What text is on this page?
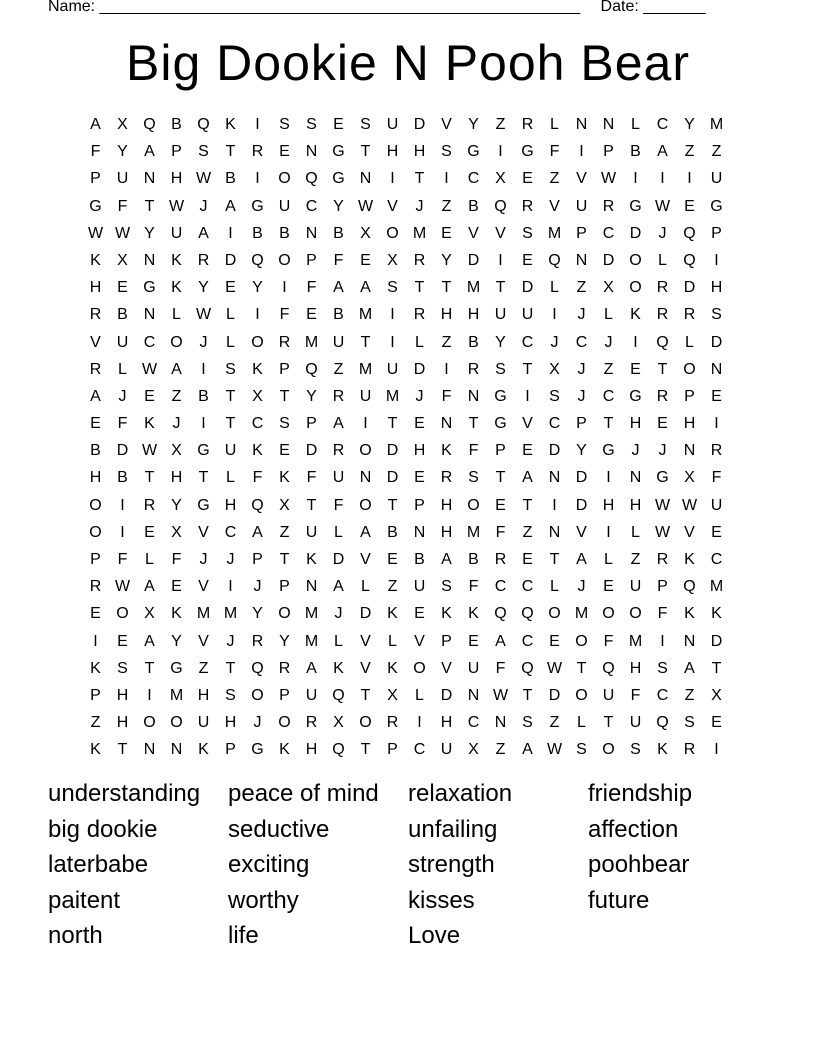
Name: ______________________________________________________ Date: _______
Big Dookie N Pooh Bear
A	X Q B Q K	I	S	S	E	S U D V	Y	Z	R	L	N N	L	C Y M
F	Y	A	P	S	T	R E N G T	H H S G	I	G F	I	P	B	A	Z	Z
P U N H W B	I	O Q G N	I	T	I	C X	E	Z	V W	I	I	I	U
G F	T W J	A G U C Y W V	J	Z	B Q R V U R G W E G
W W Y U A	I	B	B N B	X O M E	V	V	S M P C D	J	Q P
K	X N K R D Q O P	F	E	X R Y D	I	E Q N D O	L	Q	I
H E G K	Y	E	Y	I	F	A	A	S	T	T M T	D	L	Z	X O R D H
R B N	L W L	I	F	E	B M	I	R H H U U	I	J	L	K R R S
V U C O	J	L	O R M U	T	I	L	Z	B	Y C	J	C	J	I	Q	L	D
R	L W A	I	S	K	P Q Z M U D	I	R S	T	X	J	Z	E	T O N
A	J	E	Z	B	T	X	T	Y R U M	J	F	N G	I	S	J	C G R P	E
E	F	K	J	I	T	C S	P	A	I	T	E N	T G V C P	T	H E H	I
B D W X G U K	E D R O D H K	F	P	E D Y G	J	J	N R
H B	T	H	T	L	F	K	F	U N D E R S	T	A N D	I	N G X	F
O	I	R Y G H Q X	T	F O T	P H O E	T	I	D H H W W U
O	I	E	X	V C A	Z	U	L	A	B N H M F	Z	N V	I	L W V	E
P	F	L	F	J	J	P	T	K D V	E	B	A	B R E	T	A	L	Z	R K C
R W A	E	V	I	J	P N A	L	Z	U S	F	C C	L	J	E U P Q M
E O X	K M M Y O M	J	D K	E	K	K Q Q O M O O F	K	K
I	E	A	Y	V	J	R Y M L	V	L	V	P	E	A C E O F M	I	N D
K	S	T G Z	T Q R A	K	V	K O V U	F Q W T Q H S	A	T
P H	I	M H S O P U Q T	X	L	D N W T	D O U	F	C	Z	X
Z	H O O U H	J	O R X O R	I	H C N S	Z	L	T	U Q S	E
K	T	N N K	P G K H Q T	P C U X	Z	A W S O S	K R	I
understanding	peace of mind	relaxation	friendship
big dookie	seductive	unfailing	affection
laterbabe	exciting	strength	poohbear
paitent	worthy	kisses	future
north	life	Love
